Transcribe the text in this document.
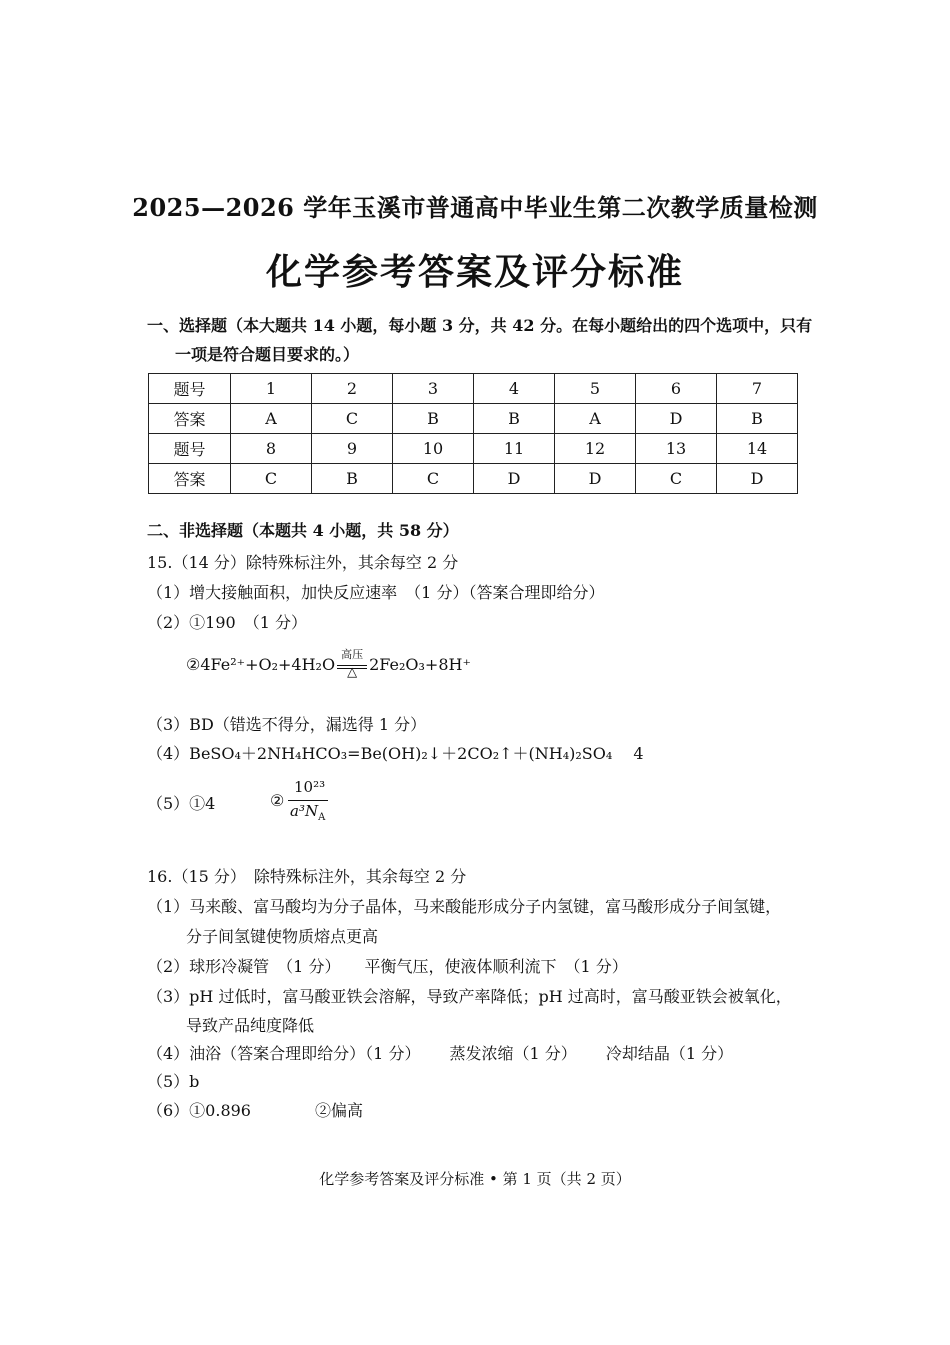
2025—2026 学年玉溪市普通高中毕业生第二次教学质量检测
化学参考答案及评分标准
一、选择题（本大题共 14 小题，每小题 3 分，共 42 分。在每小题给出的四个选项中，只有
一项是符合题目要求的。）
题号	1	2	3	4	5	6	7
答案	A	C	B	B	A	D	B
题号	8	9	10	11	12	13	14
答案	C	B	C	D	D	C	D
二、非选择题（本题共 4 小题，共 58 分）
15.（14 分）除特殊标注外，其余每空 2 分
（1）增大接触面积，加快反应速率　（1 分）（答案合理即给分）
（2）①190　（1 分）
②4Fe²⁺+O₂+4H₂O
高压
△ 2Fe₂O₃+8H⁺
（3）BD（错选不得分，漏选得 1 分）
（4）BeSO₄＋2NH₄HCO₃=Be(OH)₂↓＋2CO₂↑＋(NH₄)₂SO₄　 4
（5）①4	②
10²³
$a^3N_A$
16.（15 分）　除特殊标注外，其余每空 2 分
（1）马来酸、富马酸均为分子晶体，马来酸能形成分子内氢键，富马酸形成分子间氢键，
分子间氢键使物质熔点更高
（2）球形冷凝管　（1 分）　　平衡气压，使液体顺利流下　（1 分）
（3）pH 过低时，富马酸亚铁会溶解，导致产率降低；pH 过高时，富马酸亚铁会被氧化，
导致产品纯度降低
（4）油浴（答案合理即给分）（1 分）　　 蒸发浓缩（1 分）　　 冷却结晶（1 分）
（5）b
（6）①0.896　　　　②偏高
化学参考答案及评分标准 • 第 1 页（共 2 页）
